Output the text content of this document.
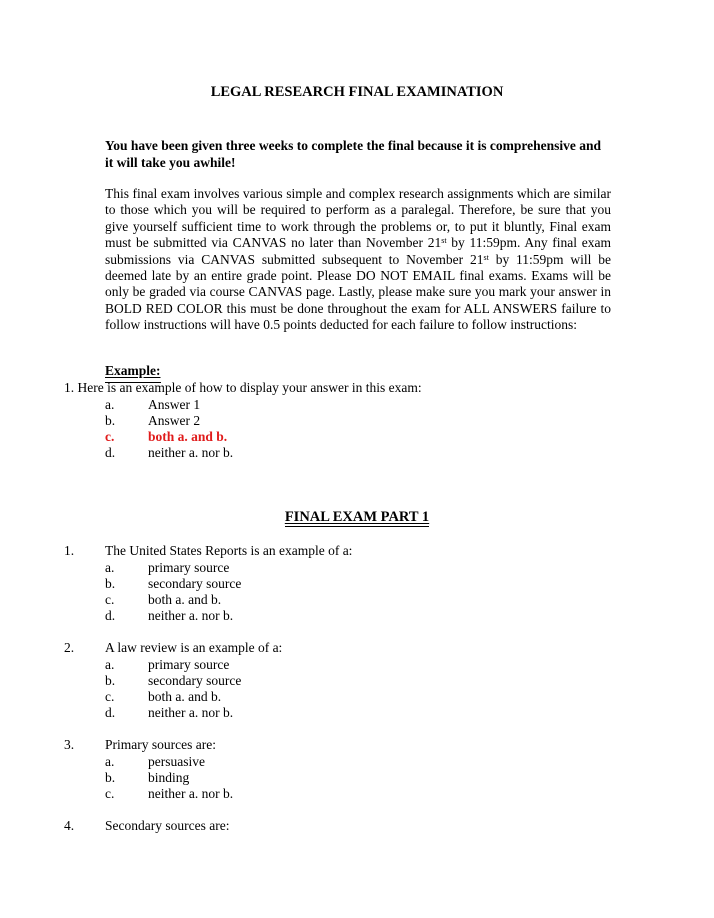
LEGAL RESEARCH FINAL EXAMINATION
You have been given three weeks to complete the final because it is comprehensive and it will take you awhile!
This final exam involves various simple and complex research assignments which are similar to those which you will be required to perform as a paralegal. Therefore, be sure that you give yourself sufficient time to work through the problems or, to put it bluntly, Final exam must be submitted via CANVAS no later than November 21st by 11:59pm. Any final exam submissions via CANVAS submitted subsequent to November 21st by 11:59pm will be deemed late by an entire grade point. Please DO NOT EMAIL final exams. Exams will be only be graded via course CANVAS page. Lastly, please make sure you mark your answer in BOLD RED COLOR this must be done throughout the exam for ALL ANSWERS failure to follow instructions will have 0.5 points deducted for each failure to follow instructions:
Example:
1. Here is an example of how to display your answer in this exam:
a. Answer 1
b. Answer 2
c. both a. and b.
d. neither a. nor b.
FINAL EXAM PART 1
1. The United States Reports is an example of a:
a. primary source
b. secondary source
c. both a. and b.
d. neither a. nor b.
2. A law review is an example of a:
a. primary source
b. secondary source
c. both a. and b.
d. neither a. nor b.
3. Primary sources are:
a. persuasive
b. binding
c. neither a. nor b.
4. Secondary sources are:
